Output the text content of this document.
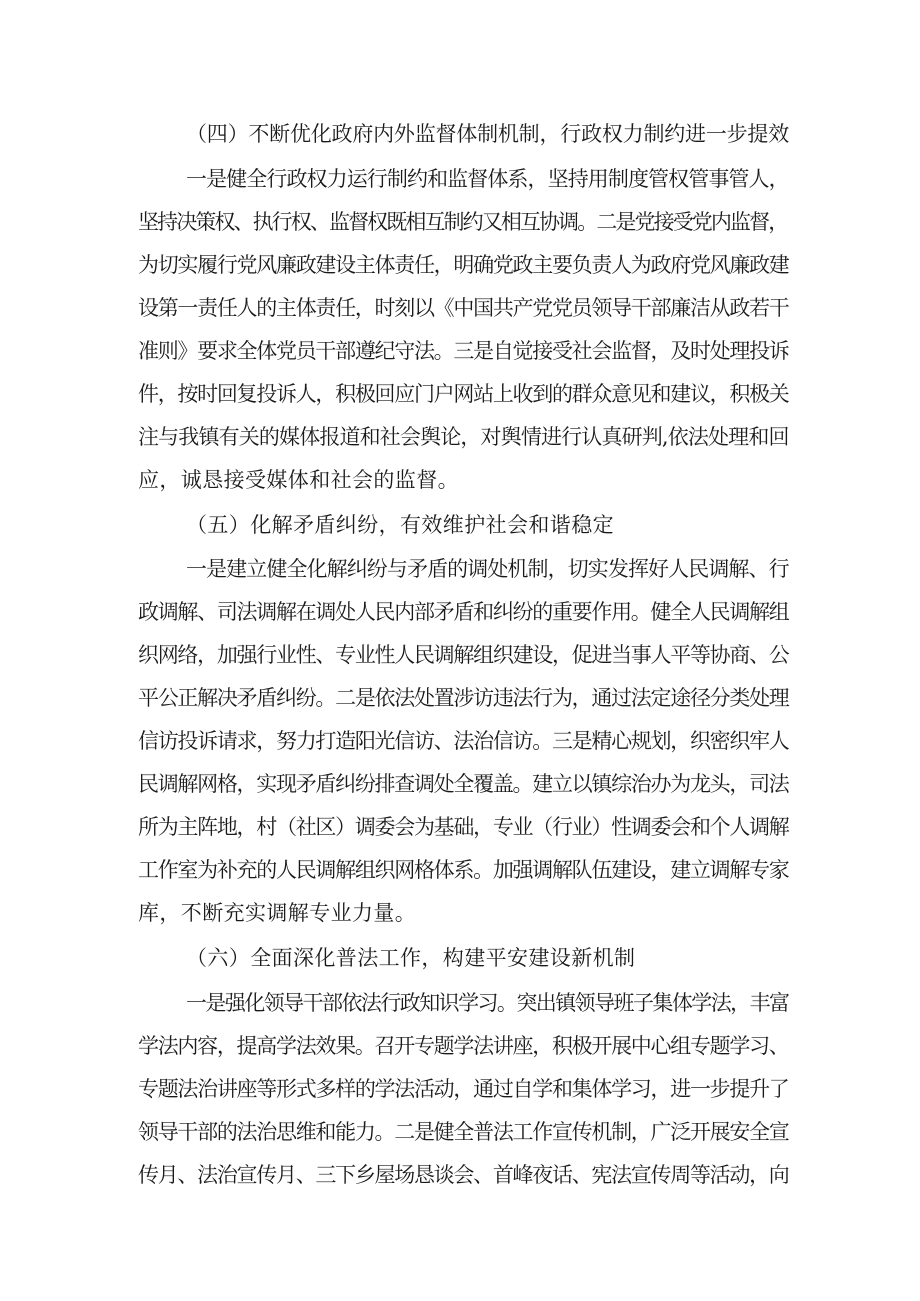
（四）不断优化政府内外监督体制机制，行政权力制约进一步提效
一是健全行政权力运行制约和监督体系，坚持用制度管权管事管人，
坚持决策权、执行权、监督权既相互制约又相互协调。二是党接受党内监督，
为切实履行党风廉政建设主体责任，明确党政主要负责人为政府党风廉政建
设第一责任人的主体责任，时刻以《中国共产党党员领导干部廉洁从政若干
准则》要求全体党员干部遵纪守法。三是自觉接受社会监督，及时处理投诉
件，按时回复投诉人，积极回应门户网站上收到的群众意见和建议，积极关
注与我镇有关的媒体报道和社会舆论，对舆情进行认真研判,依法处理和回
应，诚恳接受媒体和社会的监督。
（五）化解矛盾纠纷，有效维护社会和谐稳定
一是建立健全化解纠纷与矛盾的调处机制，切实发挥好人民调解、行
政调解、司法调解在调处人民内部矛盾和纠纷的重要作用。健全人民调解组
织网络，加强行业性、专业性人民调解组织建设，促进当事人平等协商、公
平公正解决矛盾纠纷。二是依法处置涉访违法行为，通过法定途径分类处理
信访投诉请求，努力打造阳光信访、法治信访。三是精心规划，织密织牢人
民调解网格，实现矛盾纠纷排查调处全覆盖。建立以镇综治办为龙头，司法
所为主阵地，村（社区）调委会为基础，专业（行业）性调委会和个人调解
工作室为补充的人民调解组织网格体系。加强调解队伍建设，建立调解专家
库，不断充实调解专业力量。
（六）全面深化普法工作，构建平安建设新机制
一是强化领导干部依法行政知识学习。突出镇领导班子集体学法，丰富
学法内容，提高学法效果。召开专题学法讲座，积极开展中心组专题学习、
专题法治讲座等形式多样的学法活动，通过自学和集体学习，进一步提升了
领导干部的法治思维和能力。二是健全普法工作宣传机制，广泛开展安全宣
传月、法治宣传月、三下乡屋场恳谈会、首峰夜话、宪法宣传周等活动，向
